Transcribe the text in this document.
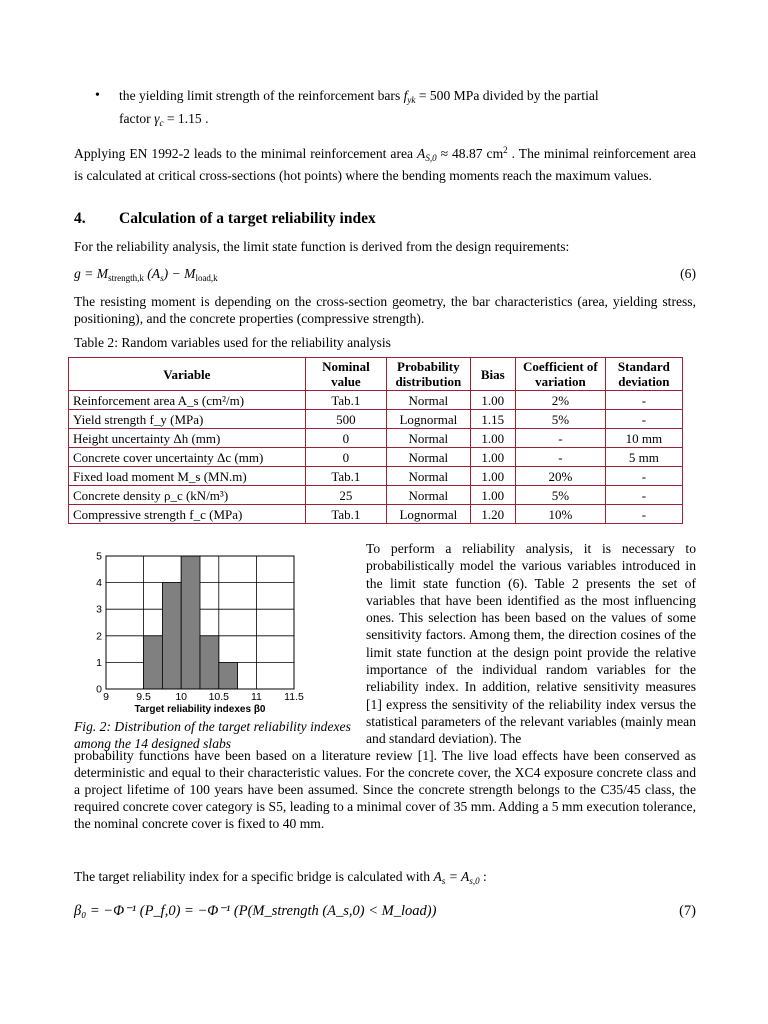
• the yielding limit strength of the reinforcement bars $f_{yk} = 500$ MPa divided by the partial
factor $\gamma_c = 1.15$ .
Applying EN 1992-2 leads to the minimal reinforcement area $A_{S,0} \approx 48.87$ $cm^2$ . The minimal reinforcement area is calculated at critical cross-sections (hot points) where the bending moments reach the maximum values.
4. Calculation of a target reliability index
For the reliability analysis, the limit state function is derived from the design requirements:
$g = M_{strength,k}$ $(A_s) - M_{load,k}$	(6)
The resisting moment is depending on the cross-section geometry, the bar characteristics (area, yielding stress, positioning), and the concrete properties (compressive strength).
Table 2: Random variables used for the reliability analysis
Variable	Nominal value	Probability distribution	Bias	Coefficient of variation	Standard deviation
Reinforcement area A_s (cm²/m)	Tab.1	Normal	1.00	2%	-
Yield strength f_y (MPa)	500	Lognormal	1.15	5%	-
Height uncertainty Δh (mm)	0	Normal	1.00	-	10 mm
Concrete cover uncertainty Δc (mm)	0	Normal	1.00	-	5 mm
Fixed load moment M_s (MN.m)	Tab.1	Normal	1.00	20%	-
Concrete density ρ_c (kN/m³)	25	Normal	1.00	5%	-
Compressive strength f_c (MPa)	Tab.1	Lognormal	1.20	10%	-
0
1
2
3
4
5
9	9.5 10 10.5 11 11.5
Target reliability indexes β0
Fig. 2: Distribution of the target reliability indexes among the 14 designed slabs
To perform a reliability analysis, it is necessary to probabilistically model the various variables introduced in the limit state function (6). Table 2 presents the set of variables that have been identified as the most influencing ones. This selection has been based on the values of some sensitivity factors. Among them, the direction cosines of the limit state function at the design point provide the relative importance of the individual random variables for the reliability index. In addition, relative sensitivity measures [1] express the sensitivity of the reliability index versus the statistical parameters of the relevant variables (mainly mean and standard deviation). The
probability functions have been based on a literature review [1]. The live load effects have been conserved as deterministic and equal to their characteristic values. For the concrete cover, the XC4 exposure concrete class and a project lifetime of 100 years have been assumed. Since the concrete strength belongs to the C35/45 class, the required concrete cover category is S5, leading to a minimal cover of 35 mm. Adding a 5 mm execution tolerance, the nominal concrete cover is fixed to 40 mm.
The target reliability index for a specific bridge is calculated with $A_s = A_{s,0}$ :
β₀ = −Φ⁻¹ (P_f,0) = −Φ⁻¹ (P(M_strength (A_s,0) < M_load))	(7)
